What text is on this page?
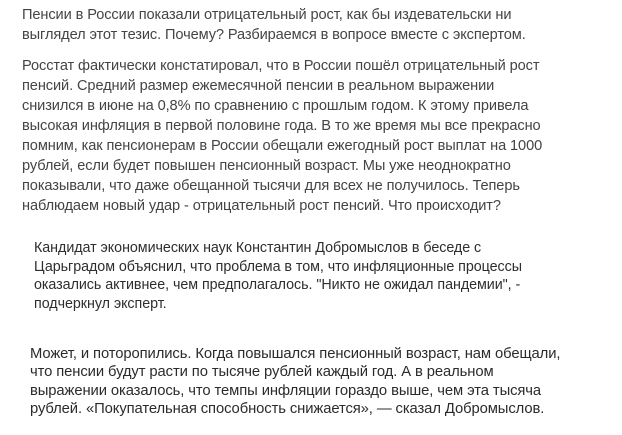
Пенсии в России показали отрицательный рост, как бы издевательски ни
выглядел этот тезис. Почему? Разбираемся в вопросе вместе с экспертом.

Росстат фактически констатировал, что в России пошёл отрицательный рост
пенсий. Средний размер ежемесячной пенсии в реальном выражении
снизился в июне на 0,8% по сравнению с прошлым годом. К этому привела
высокая инфляция в первой половине года. В то же время мы все прекрасно
помним, как пенсионерам в России обещали ежегодный рост выплат на 1000
рублей, если будет повышен пенсионный возраст. Мы уже неоднократно
показывали, что даже обещанной тысячи для всех не получилось. Теперь
наблюдаем новый удар - отрицательный рост пенсий. Что происходит?

Кандидат экономических наук Константин Добромыслов в беседе с
Царьградом объяснил, что проблема в том, что инфляционные процессы
оказались активнее, чем предполагалось. "Никто не ожидал пандемии", -
подчеркнул эксперт.

Может, и поторопились. Когда повышался пенсионный возраст, нам обещали,
что пенсии будут расти по тысяче рублей каждый год. А в реальном
выражении оказалось, что темпы инфляции гораздо выше, чем эта тысяча
рублей. «Покупательная способность снижается», — сказал Добромыслов.
